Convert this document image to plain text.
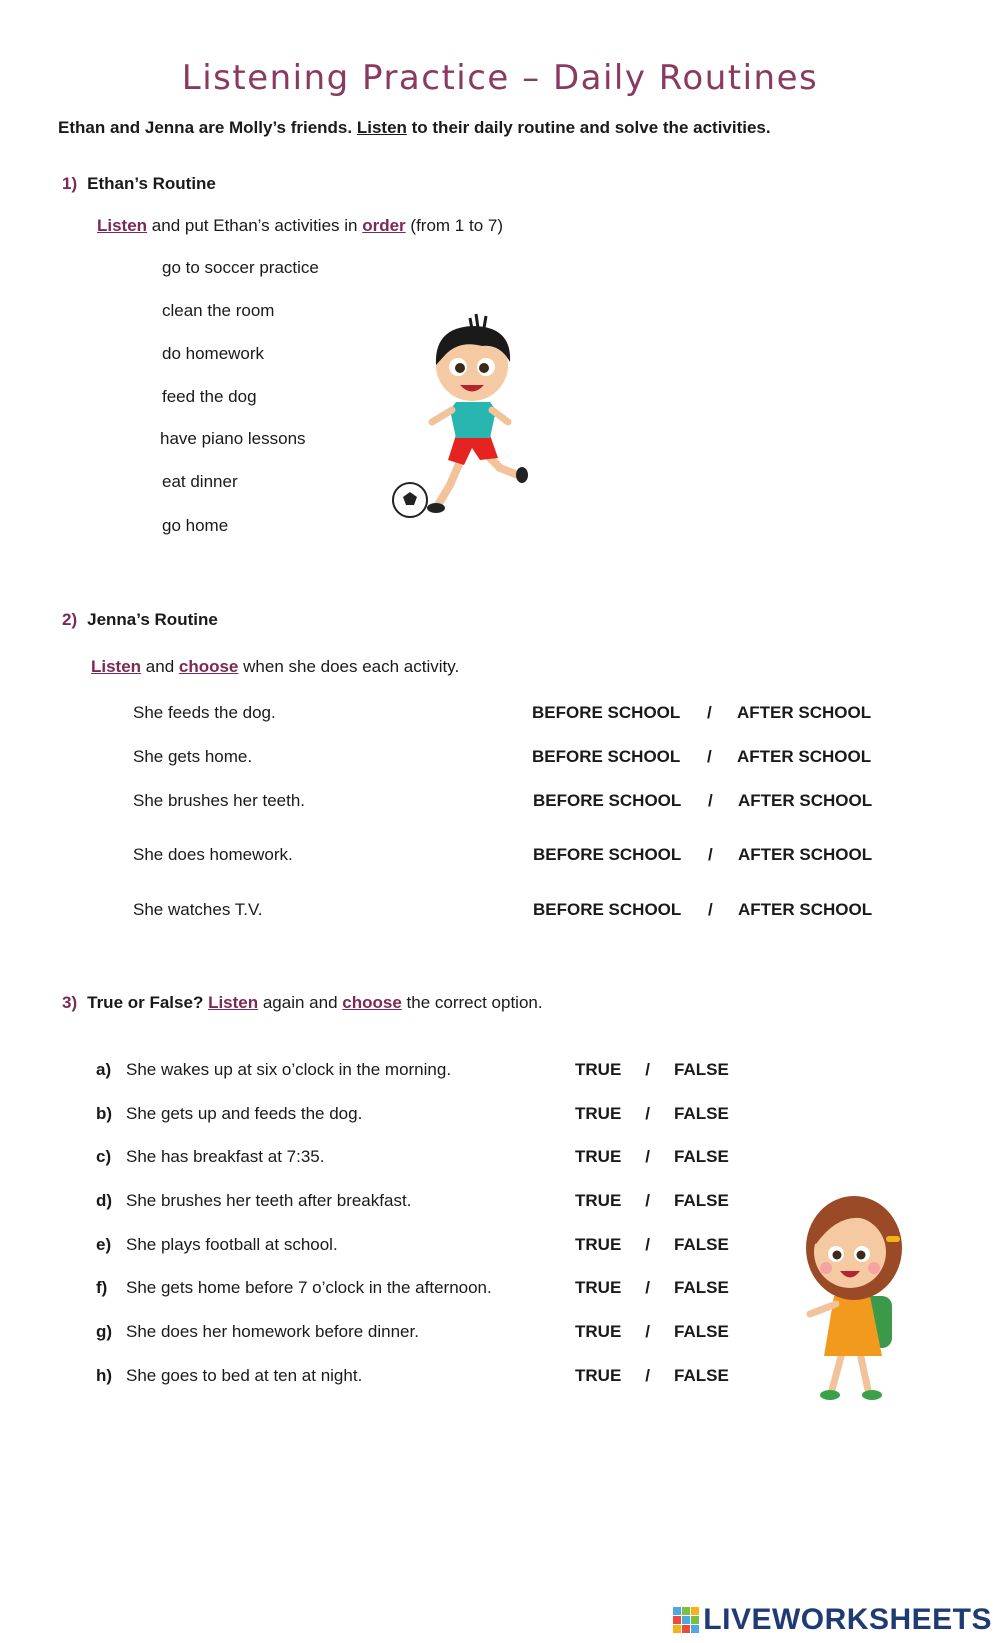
Listening Practice – Daily Routines
Ethan and Jenna are Molly’s friends. Listen to their daily routine and solve the activities.
1) Ethan’s Routine
Listen and put Ethan’s activities in order (from 1 to 7)
go to soccer practice
clean the room
do homework
feed the dog
have piano lessons
eat dinner
go home
2) Jenna’s Routine
Listen and choose when she does each activity.
She feeds the dog.	BEFORE SCHOOL / AFTER SCHOOL
She gets home.	BEFORE SCHOOL / AFTER SCHOOL
She brushes her teeth.	BEFORE SCHOOL / AFTER SCHOOL
She does homework.	BEFORE SCHOOL / AFTER SCHOOL
She watches T.V.	BEFORE SCHOOL / AFTER SCHOOL
3) True or False? Listen again and choose the correct option.
a) She wakes up at six o’clock in the morning.	TRUE / FALSE
b) She gets up and feeds the dog.	TRUE / FALSE
c) She has breakfast at 7:35.	TRUE / FALSE
d) She brushes her teeth after breakfast.	TRUE / FALSE
e) She plays football at school.	TRUE / FALSE
f) She gets home before 7 o’clock in the afternoon.	TRUE / FALSE
g) She does her homework before dinner.	TRUE / FALSE
h) She goes to bed at ten at night.	TRUE / FALSE
LIVEWORKSHEETS
